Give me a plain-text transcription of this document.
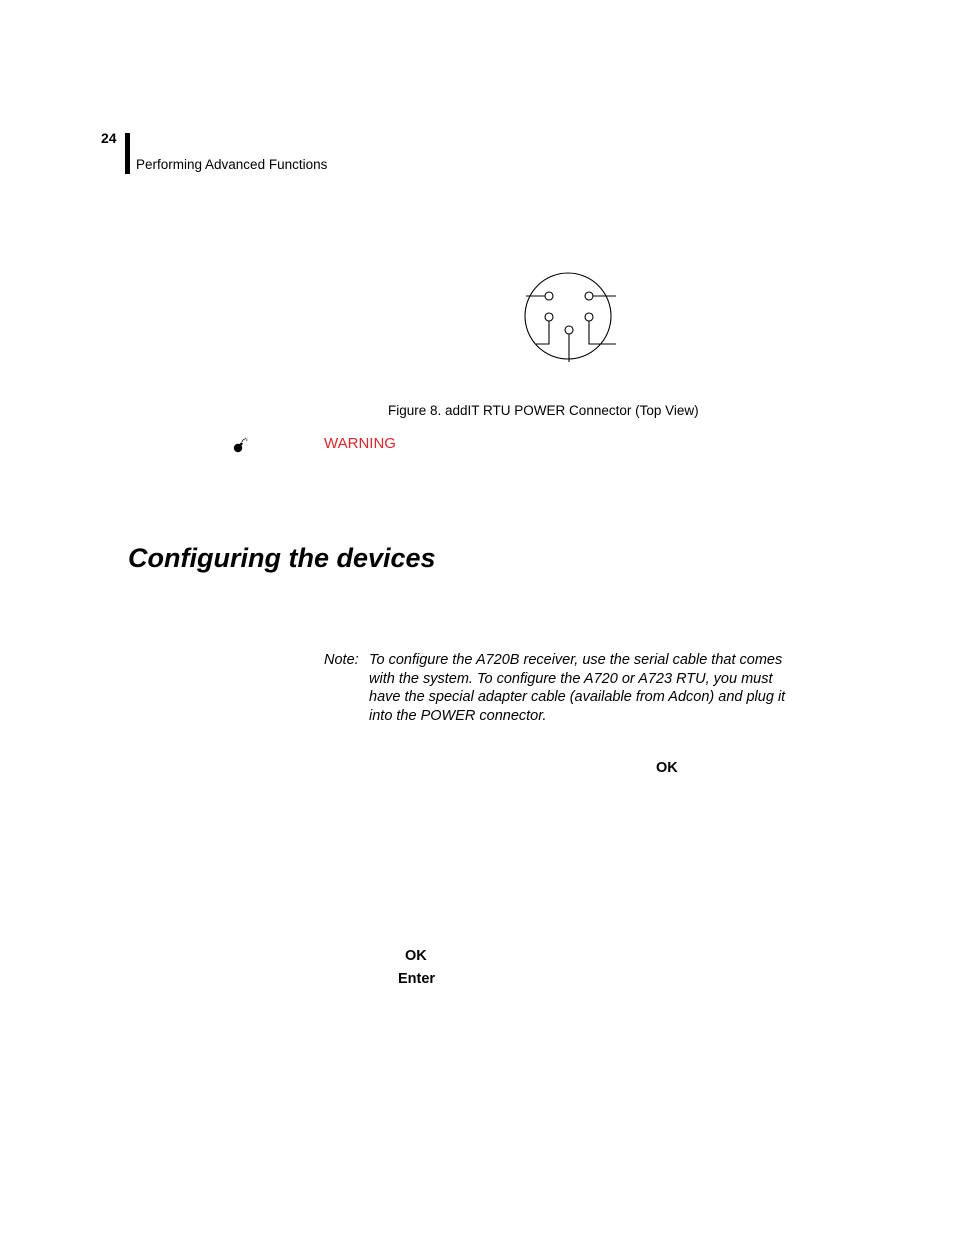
24
Performing Advanced Functions
Figure 8. addIT RTU POWER Connector (Top View)
WARNING
Configuring the devices
Note: To configure the A720B receiver, use the serial cable that comes with the system. To configure the A720 or A723 RTU, you must have the special adapter cable (available from Adcon) and plug it into the POWER connector.
OK
OK
Enter
